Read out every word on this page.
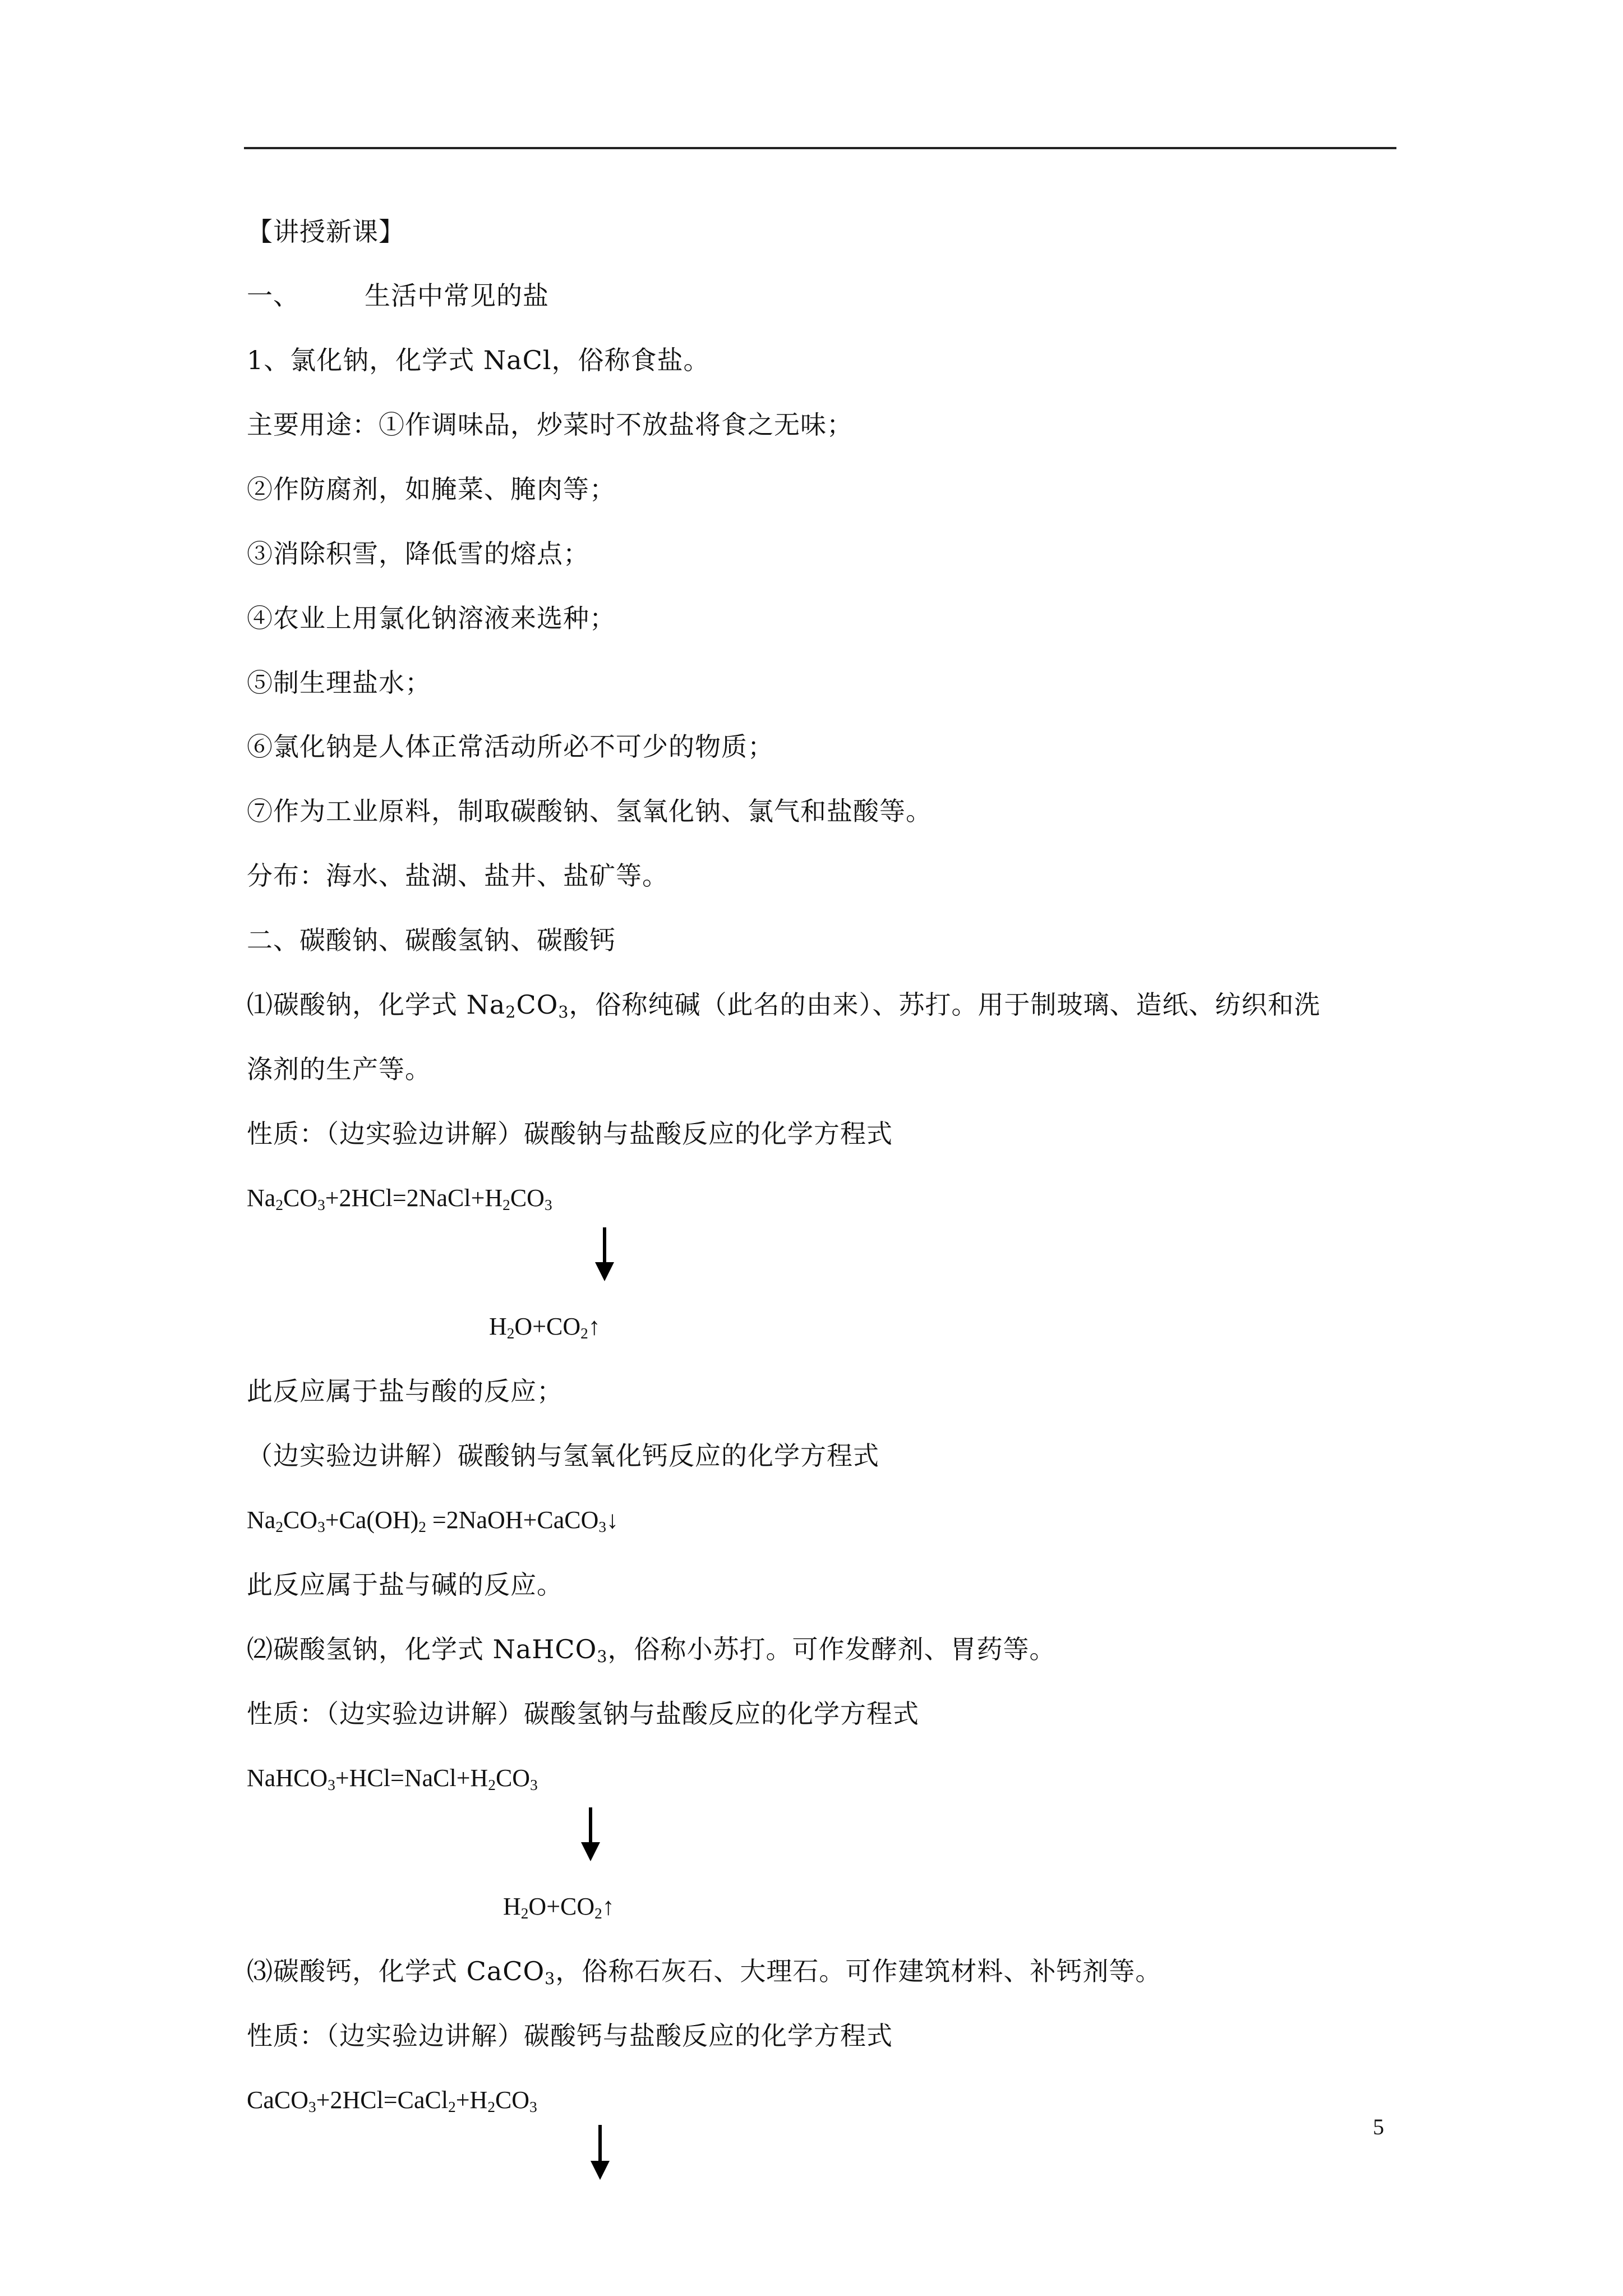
【讲授新课】
一、	生活中常见的盐
1、氯化钠，化学式 NaCl，俗称食盐。
主要用途：①作调味品，炒菜时不放盐将食之无味；
②作防腐剂，如腌菜、腌肉等；
③消除积雪，降低雪的熔点；
④农业上用氯化钠溶液来选种；
⑤制生理盐水；
⑥氯化钠是人体正常活动所必不可少的物质；
⑦作为工业原料，制取碳酸钠、氢氧化钠、氯气和盐酸等。
分布：海水、盐湖、盐井、盐矿等。
二、碳酸钠、碳酸氢钠、碳酸钙
⑴碳酸钠，化学式 $Na_2CO_3$，俗称纯碱（此名的由来）、苏打。用于制玻璃、造纸、纺织和洗
涤剂的生产等。
性质：（边实验边讲解）碳酸钠与盐酸反应的化学方程式
$Na_2CO_3+2HCl=2NaCl+H_2CO_3$
$H_2O+CO_2↑$
此反应属于盐与酸的反应；
（边实验边讲解）碳酸钠与氢氧化钙反应的化学方程式
$Na_2CO_3+Ca(OH)_2$ =2NaOH+CaCO$_3$↓
此反应属于盐与碱的反应。
⑵碳酸氢钠，化学式 NaHCO$_3$，俗称小苏打。可作发酵剂、胃药等。
性质：（边实验边讲解）碳酸氢钠与盐酸反应的化学方程式
$NaHCO_3+HCl=NaCl+H_2CO_3$
$H_2O+CO_2↑$
⑶碳酸钙，化学式 CaCO$_3$，俗称石灰石、大理石。可作建筑材料、补钙剂等。
性质：（边实验边讲解）碳酸钙与盐酸反应的化学方程式
$CaCO_3+2HCl=CaCl_2+H_2CO_3$
5
